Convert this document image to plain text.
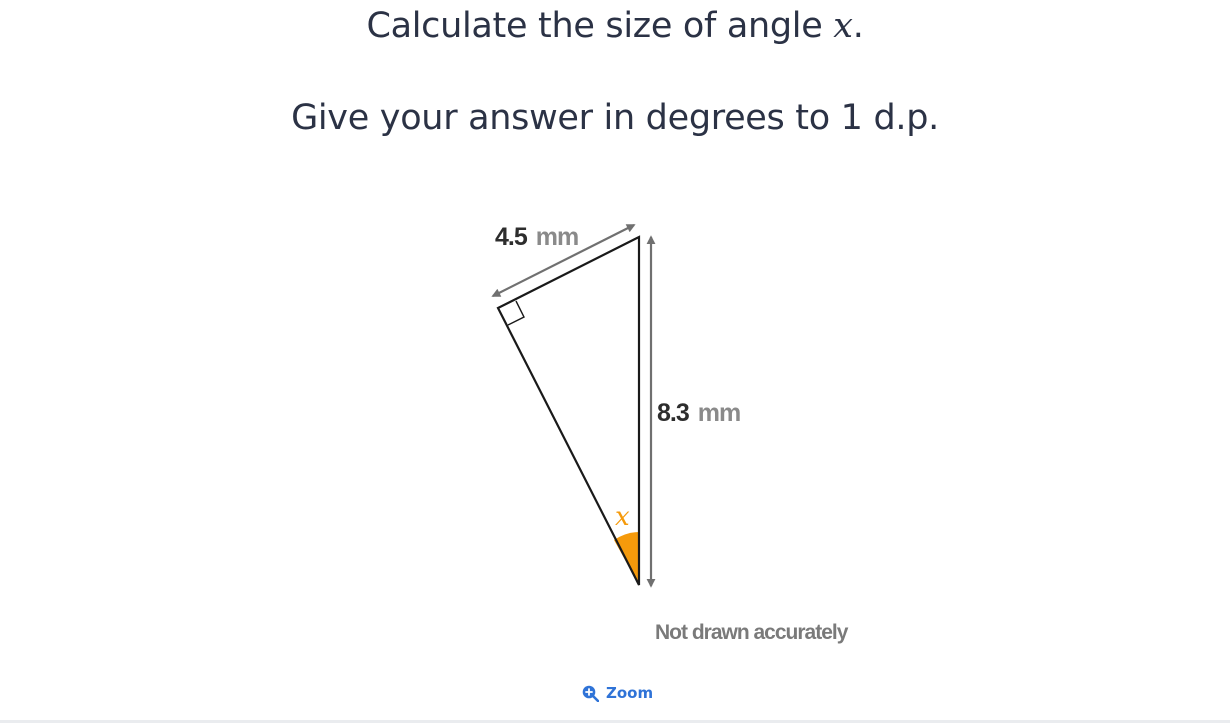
Calculate the size of angle x.

Give your answer in degrees to 1 d.p.

4.5 mm
8.3 mm
x
Not drawn accurately
Zoom
